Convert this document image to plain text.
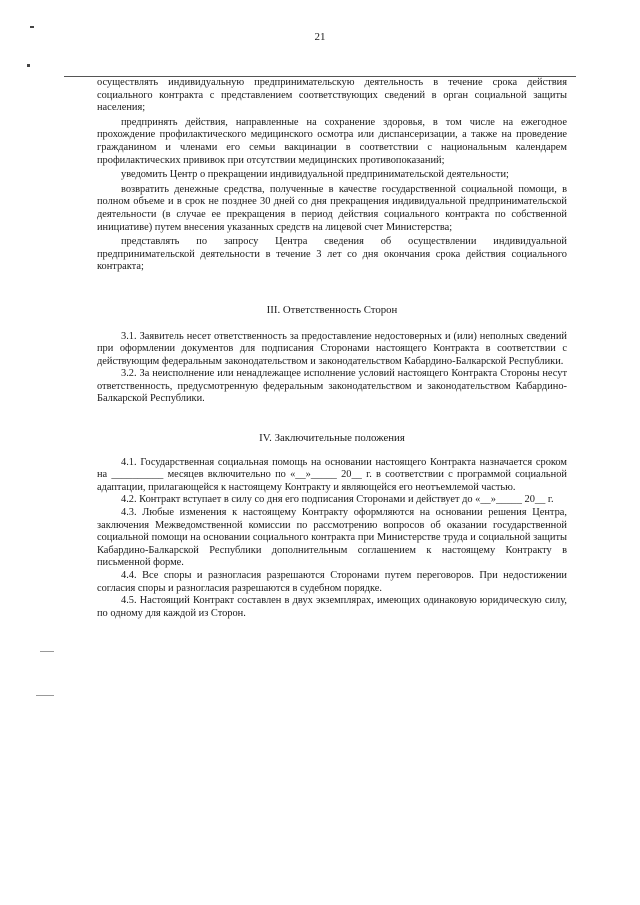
21

осуществлять индивидуальную предпринимательскую деятельность в течение срока действия социального контракта с представлением соответствующих сведений в орган социальной защиты населения;

предпринять действия, направленные на сохранение здоровья, в том числе на ежегодное прохождение профилактического медицинского осмотра или диспансеризации, а также на проведение гражданином и членами его семьи вакцинации в соответствии с национальным календарем профилактических прививок при отсутствии медицинских противопоказаний;

уведомить Центр о прекращении индивидуальной предпринимательской деятельности;

возвратить денежные средства, полученные в качестве государственной социальной помощи, в полном объеме и в срок не позднее 30 дней со дня прекращения индивидуальной предпринимательской деятельности (в случае ее прекращения в период действия социального контракта по собственной инициативе) путем внесения указанных средств на лицевой счет Министерства;

представлять по запросу Центра сведения об осуществлении индивидуальной предпринимательской деятельности в течение 3 лет со дня окончания срока действия социального контракта;

III. Ответственность Сторон

3.1. Заявитель несет ответственность за предоставление недостоверных и (или) неполных сведений при оформлении документов для подписания Сторонами настоящего Контракта в соответствии с действующим федеральным законодательством и законодательством Кабардино-Балкарской Республики.

3.2. За неисполнение или ненадлежащее исполнение условий настоящего Контракта Стороны несут ответственность, предусмотренную федеральным законодательством и законодательством Кабардино-Балкарской Республики.

IV. Заключительные положения

4.1. Государственная социальная помощь на основании настоящего Контракта назначается сроком на __________ месяцев включительно по «__»_____ 20__ г. в соответствии с программой социальной адаптации, прилагающейся к настоящему Контракту и являющейся его неотъемлемой частью.

4.2. Контракт вступает в силу со дня его подписания Сторонами и действует до «__»_____ 20__ г.

4.3. Любые изменения к настоящему Контракту оформляются на основании решения Центра, заключения Межведомственной комиссии по рассмотрению вопросов об оказании государственной социальной помощи на основании социального контракта при Министерстве труда и социальной защиты Кабардино-Балкарской Республики дополнительным соглашением к настоящему Контракту в письменной форме.

4.4. Все споры и разногласия разрешаются Сторонами путем переговоров. При недостижении согласия споры и разногласия разрешаются в судебном порядке.

4.5. Настоящий Контракт составлен в двух экземплярах, имеющих одинаковую юридическую силу, по одному для каждой из Сторон.
